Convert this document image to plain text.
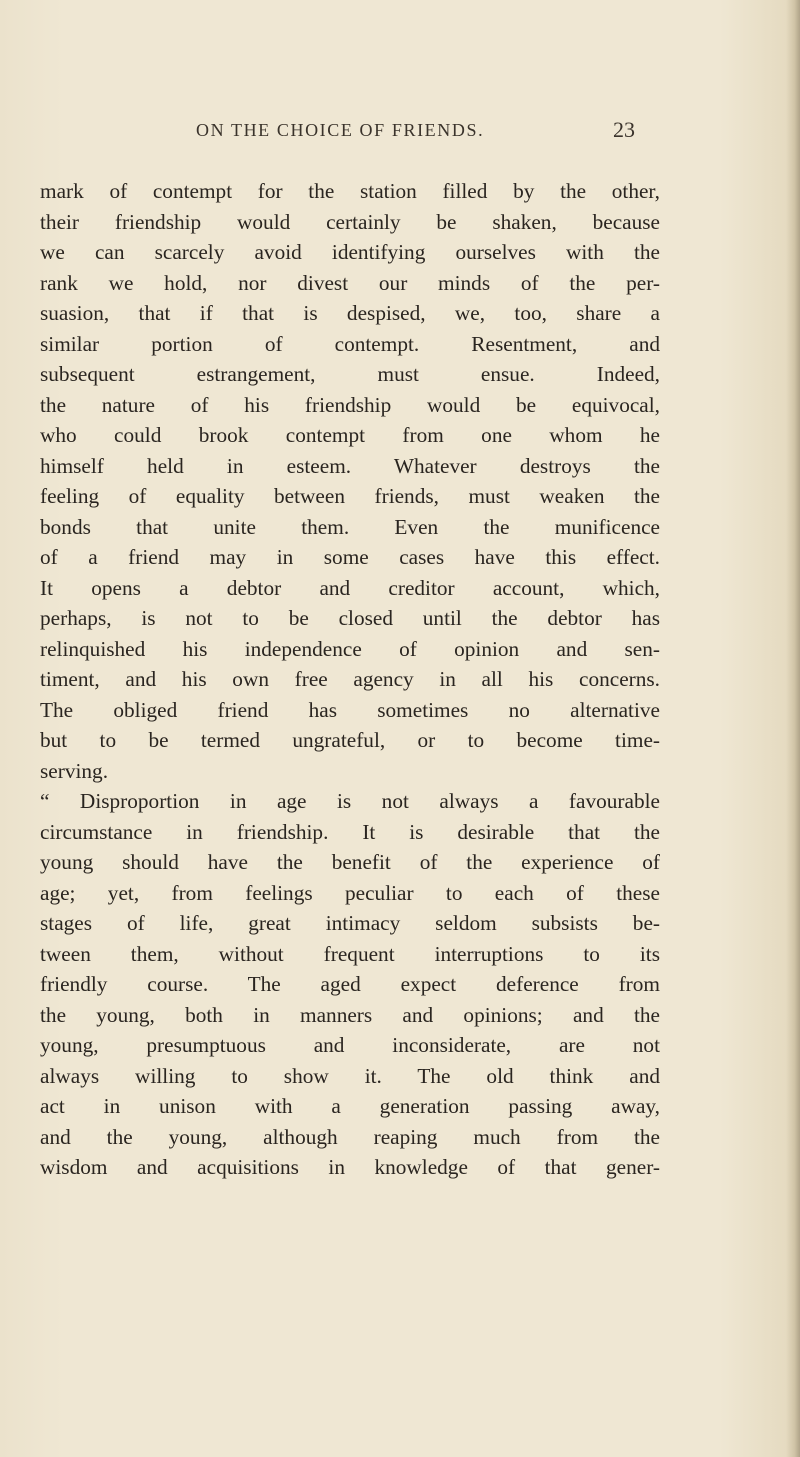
ON THE CHOICE OF FRIENDS.	23
mark of contempt for the station filled by the other,
their friendship would certainly be shaken, because
we can scarcely avoid identifying ourselves with the
rank we hold, nor divest our minds of the per-
suasion, that if that is despised, we, too, share a
similar portion of contempt. Resentment, and
subsequent estrangement, must ensue. Indeed,
the nature of his friendship would be equivocal,
who could brook contempt from one whom he
himself held in esteem. Whatever destroys the
feeling of equality between friends, must weaken the
bonds that unite them. Even the munificence
of a friend may in some cases have this effect.
It opens a debtor and creditor account, which,
perhaps, is not to be closed until the debtor has
relinquished his independence of opinion and sen-
timent, and his own free agency in all his concerns.
The obliged friend has sometimes no alternative
but to be termed ungrateful, or to become time-
serving.
“ Disproportion in age is not always a favourable
circumstance in friendship. It is desirable that the
young should have the benefit of the experience of
age; yet, from feelings peculiar to each of these
stages of life, great intimacy seldom subsists be-
tween them, without frequent interruptions to its
friendly course. The aged expect deference from
the young, both in manners and opinions; and the
young, presumptuous and inconsiderate, are not
always willing to show it. The old think and
act in unison with a generation passing away,
and the young, although reaping much from the
wisdom and acquisitions in knowledge of that gener-
